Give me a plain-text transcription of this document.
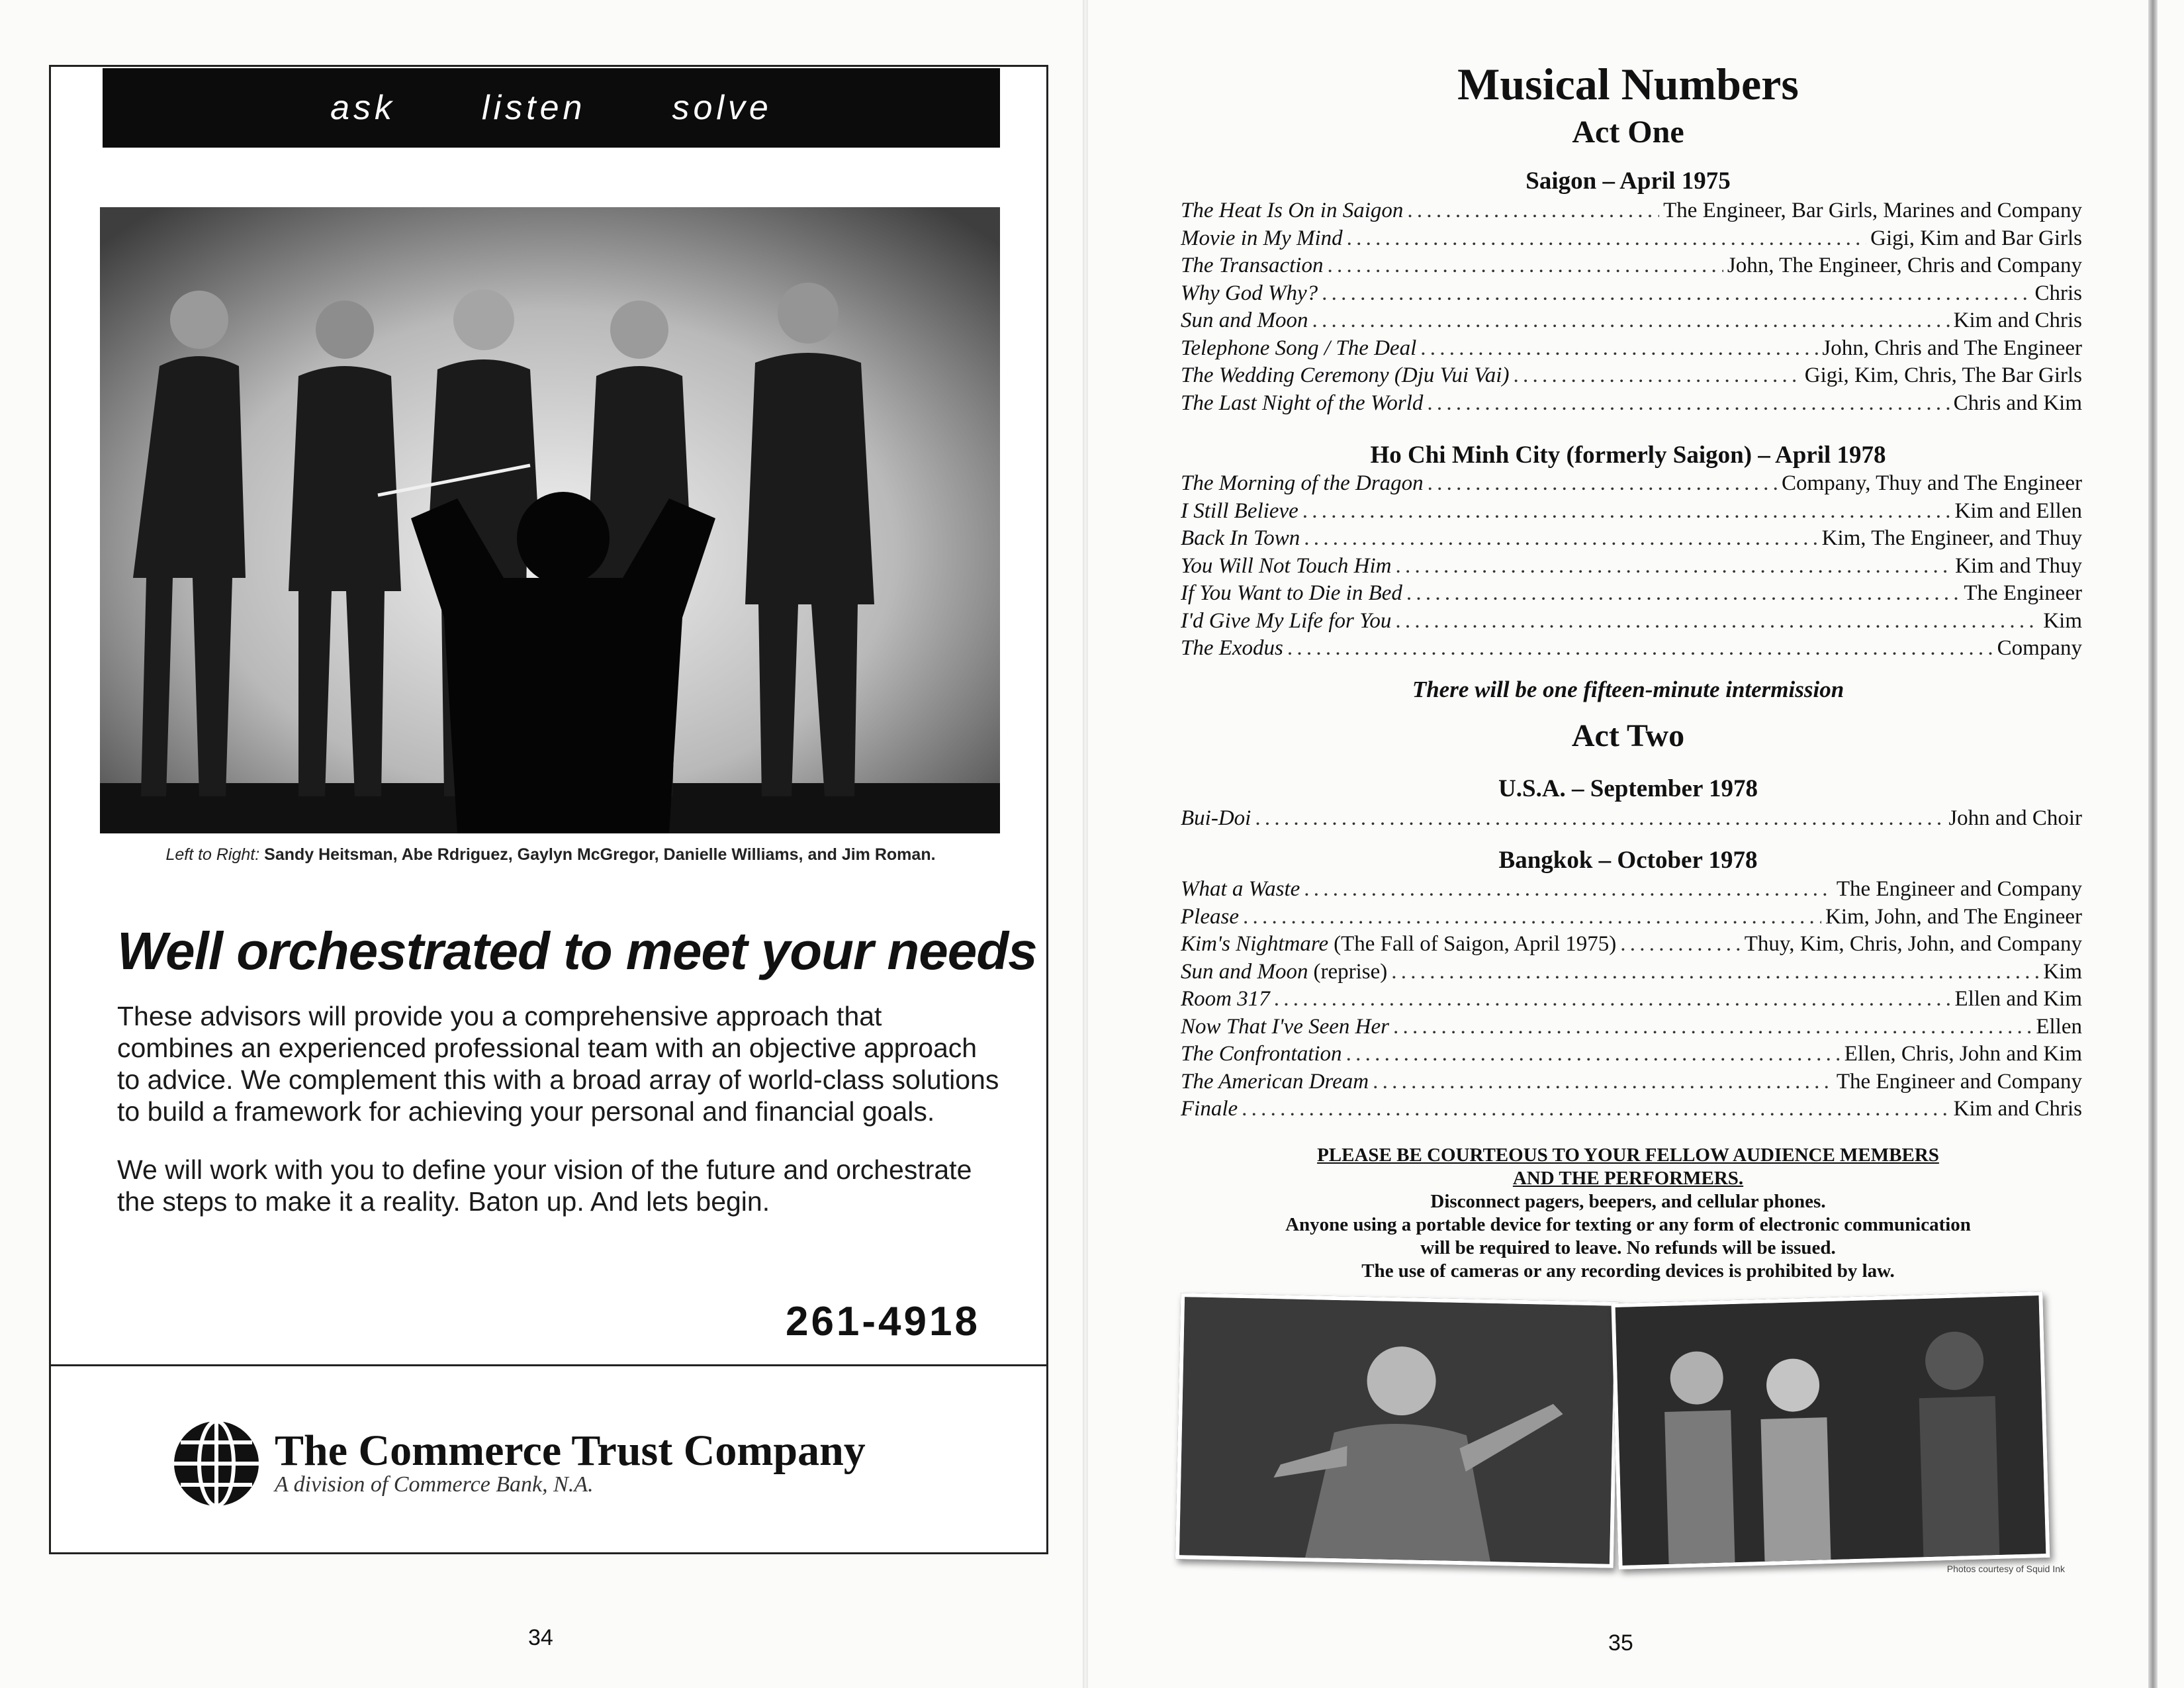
ask	listen	solve
Left to Right: Sandy Heitsman, Abe Rdriguez, Gaylyn McGregor, Danielle Williams, and Jim Roman.
Well orchestrated to meet your needs
These advisors will provide you a comprehensive approach that combines an experienced professional team with an objective approach to advice. We complement this with a broad array of world-class solutions to build a framework for achieving your personal and financial goals.
We will work with you to define your vision of the future and orchestrate the steps to make it a reality. Baton up. And lets begin.
261-4918
The Commerce Trust Company
A division of Commerce Bank, N.A.
34
Musical Numbers
Act One
Saigon – April 1975
The Heat Is On in Saigon . . .	The Engineer, Bar Girls, Marines and Company
Movie in My Mind . . .	Gigi, Kim and Bar Girls
The Transaction . . .	John, The Engineer, Chris and Company
Why God Why? . . .	Chris
Sun and Moon . . .	Kim and Chris
Telephone Song / The Deal . . .	John, Chris and The Engineer
The Wedding Ceremony (Dju Vui Vai) . . .	Gigi, Kim, Chris, The Bar Girls
The Last Night of the World . . .	Chris and Kim
Ho Chi Minh City (formerly Saigon) – April 1978
The Morning of the Dragon . . .	Company, Thuy and The Engineer
I Still Believe . . .	Kim and Ellen
Back In Town . . .	Kim, The Engineer, and Thuy
You Will Not Touch Him . . .	Kim and Thuy
If You Want to Die in Bed . . .	The Engineer
I'd Give My Life for You . . .	Kim
The Exodus . . .	Company
There will be one fifteen-minute intermission
Act Two
U.S.A. – September 1978
Bui-Doi . . .	John and Choir
Bangkok – October 1978
What a Waste . . .	The Engineer and Company
Please . . .	Kim, John, and The Engineer
Kim's Nightmare (The Fall of Saigon, April 1975) . . .	Thuy, Kim, Chris, John, and Company
Sun and Moon (reprise) . . .	Kim
Room 317 . . .	Ellen and Kim
Now That I've Seen Her . . .	Ellen
The Confrontation . . .	Ellen, Chris, John and Kim
The American Dream . . .	The Engineer and Company
Finale . . .	Kim and Chris
PLEASE BE COURTEOUS TO YOUR FELLOW AUDIENCE MEMBERS
AND THE PERFORMERS.
Disconnect pagers, beepers, and cellular phones.
Anyone using a portable device for texting or any form of electronic communication
will be required to leave. No refunds will be issued.
The use of cameras or any recording devices is prohibited by law.
Photos courtesy of Squid Ink
35
